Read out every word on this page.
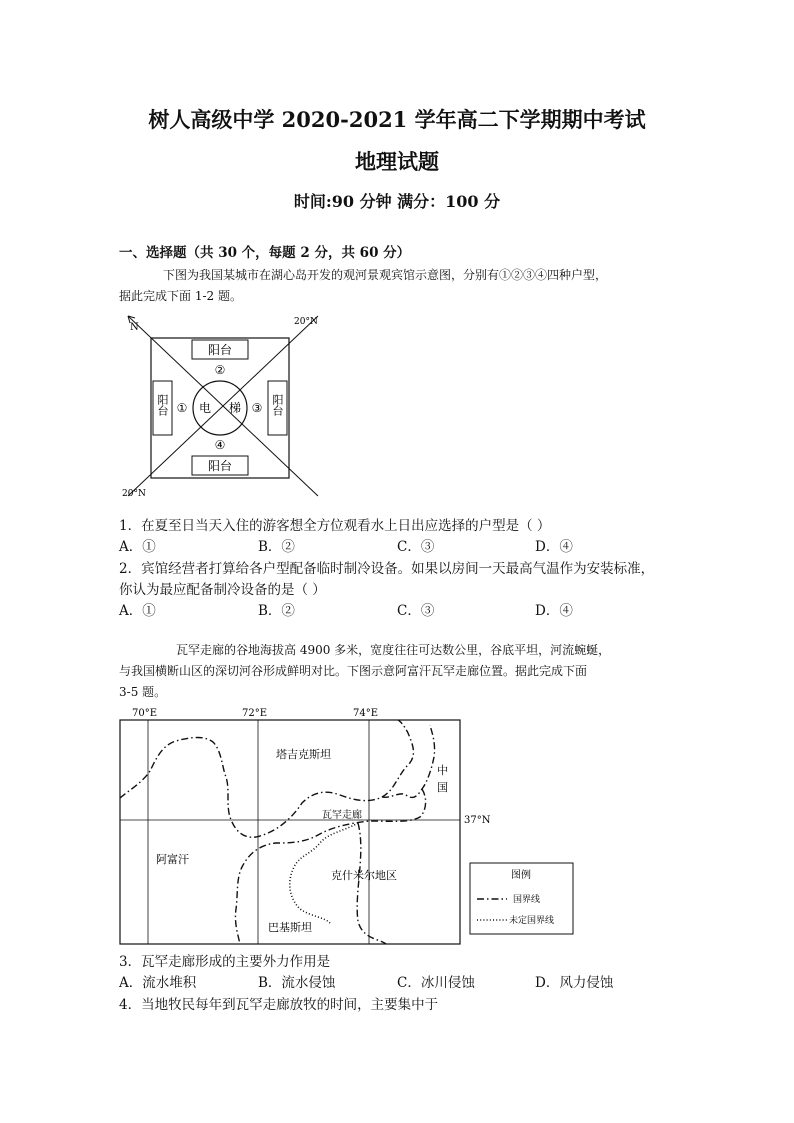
树人高级中学 2020-2021 学年高二下学期期中考试
地理试题
时间:90 分钟 满分：100 分
一、选择题（共 30 个，每题 2 分，共 60 分）
下图为我国某城市在湖心岛开发的观河景观宾馆示意图，分别有①②③④四种户型，
据此完成下面 1-2 题。
N	20°N
20°N
阳台
阳台
阳台	阳台
电 梯
②
④
①	③
1．在夏至日当天入住的游客想全方位观看水上日出应选择的户型是（ ）
A．①	B．②	C．③	D．④
2．宾馆经营者打算给各户型配备临时制冷设备。如果以房间一天最高气温作为安装标准，
你认为最应配备制冷设备的是（ ）
A．①	B．②	C．③	D．④
瓦罕走廊的谷地海拔高 4900 多米，宽度往往可达数公里，谷底平坦，河流蜿蜒，
与我国横断山区的深切河谷形成鲜明对比。下图示意阿富汗瓦罕走廊位置。据此完成下面
3-5 题。
70°E	72°E	74°E
37°N
塔吉克斯坦
中
国
瓦罕走廊
阿富汗
克什米尔地区
巴基斯坦
图例
国界线
未定国界线
3．瓦罕走廊形成的主要外力作用是
A．流水堆积	B．流水侵蚀	C．冰川侵蚀	D．风力侵蚀
4．当地牧民每年到瓦罕走廊放牧的时间，主要集中于
